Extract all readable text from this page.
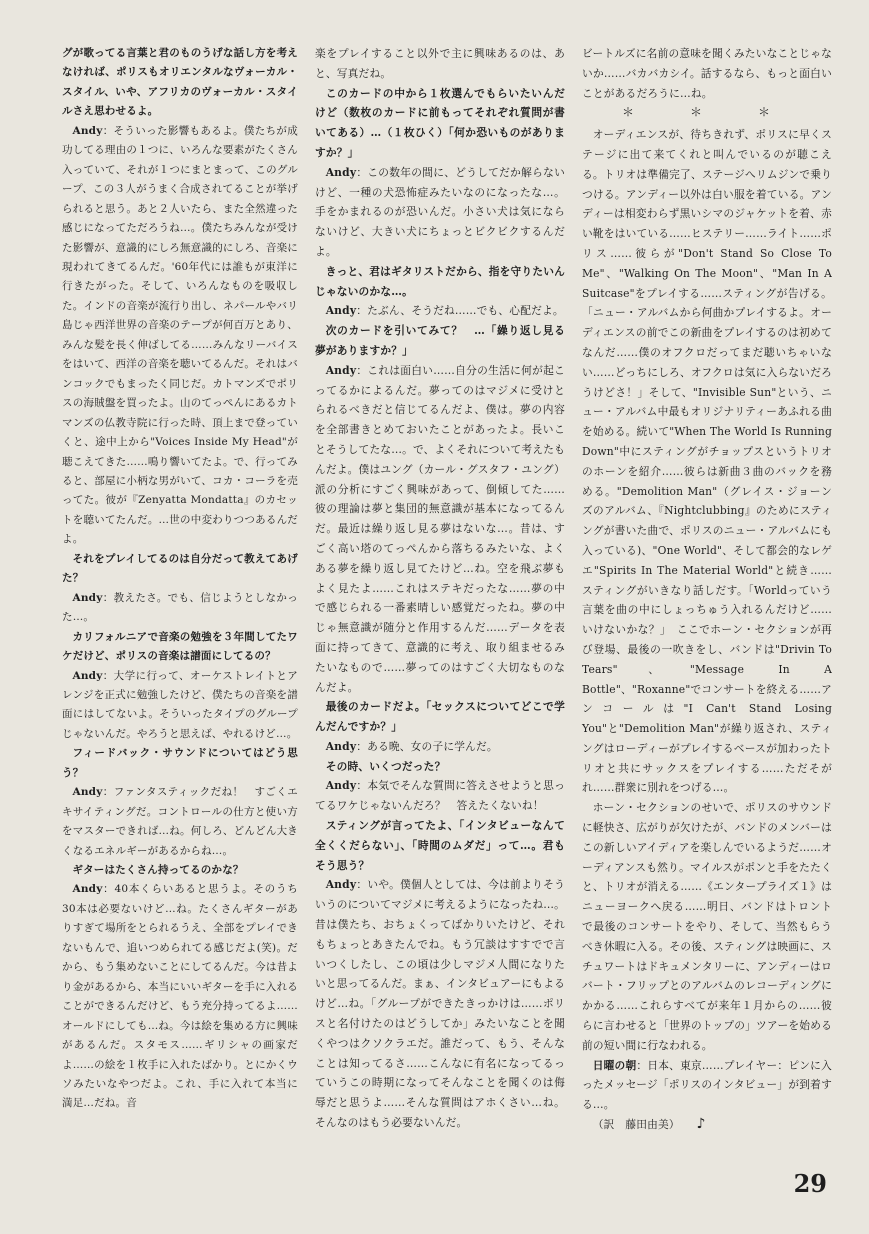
グが歌ってる言葉と君のものうげな話し方を考えなければ、ポリスもオリエンタルなヴォーカル・スタイル、いや、アフリカのヴォーカル・スタイルさえ思わせるよ。

Andy：そういった影響もあるよ。僕たちが成功してる理由の１つに、いろんな要素がたくさん入っていて、それが１つにまとまって、このグループ、この３人がうまく合成されてることが挙げられると思う。あと２人いたら、また全然違った感じになってただろうね…。僕たちみんなが受けた影響が、意識的にしろ無意識的にしろ、音楽に現われてきてるんだ。'60年代には誰もが東洋に行きたがった。そして、いろんなものを吸収した。インドの音楽が流行り出し、ネパールやバリ島じゃ西洋世界の音楽のテープが何百万とあり、みんな髪を長く伸ばしてる……みんなリーバイスをはいて、西洋の音楽を聴いてるんだ。それはバンコックでもまったく同じだ。カトマンズでポリスの海賊盤を買ったよ。山のてっぺんにあるカトマンズの仏教寺院に行った時、頂上まで登っていくと、途中上から"Voices Inside My Head"が聴こえてきた……鳴り響いてたよ。で、行ってみると、部屋に小柄な男がいて、コカ・コーラを売ってた。彼が『Zenyatta Mondatta』のカセットを聴いてたんだ。…世の中変わりつつあるんだよ。

それをプレイしてるのは自分だって教えてあげた？

Andy：教えたさ。でも、信じようとしなかった…。

カリフォルニアで音楽の勉強を３年間してたワケだけど、ポリスの音楽は譜面にしてるの？

Andy：大学に行って、オーケストレイトとアレンジを正式に勉強したけど、僕たちの音楽を譜面にはしてないよ。そういったタイプのグループじゃないんだ。やろうと思えば、やれるけど…。

フィードバック・サウンドについてはどう思う？

Andy：ファンタスティックだね！　すごくエキサイティングだ。コントロールの仕方と使い方をマスターできれば…ね。何しろ、どんどん大きくなるエネルギーがあるからね…。

ギターはたくさん持ってるのかな？

Andy：40本くらいあると思うよ。そのうち30本は必要ないけど…ね。たくさんギターがありすぎて場所をとられるうえ、全部をプレイできないもんで、追いつめられてる感じだよ(笑)。だから、もう集めないことにしてるんだ。今は昔より金があるから、本当にいいギターを手に入れることができるんだけど、もう充分持ってるよ……オールドにしても…ね。今は絵を集める方に興味があるんだ。スタモス……ギリシャの画家だよ……の絵を１枚手に入れたばかり。とにかくウソみたいなやつだよ。これ、手に入れて本当に満足…だね。音

楽をプレイすること以外で主に興味あるのは、あと、写真だね。

このカードの中から１枚選んでもらいたいんだけど（数枚のカードに前もってそれぞれ質問が書いてある）…（１枚ひく）「何か恐いものがありますか？」

Andy：この数年の間に、どうしてだか解らないけど、一種の犬恐怖症みたいなのになったな…。手をかまれるのが恐いんだ。小さい犬は気にならないけど、大きい犬にちょっとビクビクするんだよ。

きっと、君はギタリストだから、指を守りたいんじゃないのかな…。

Andy：たぶん、そうだね……でも、心配だよ。

次のカードを引いてみて？　…「繰り返し見る夢がありますか？」

Andy：これは面白い……自分の生活に何が起こってるかによるんだ。夢ってのはマジメに受けとられるべきだと信じてるんだよ、僕は。夢の内容を全部書きとめておいたことがあったよ。長いことそうしてたな…。で、よくそれについて考えたもんだよ。僕はユング（カール・グスタフ・ユング）派の分析にすごく興味があって、倒傾してた……彼の理論は夢と集団的無意識が基本になってるんだ。最近は繰り返し見る夢はないな…。昔は、すごく高い塔のてっぺんから落ちるみたいな、よくある夢を繰り返し見てたけど…ね。空を飛ぶ夢もよく見たよ……これはステキだったな……夢の中で感じられる一番素晴しい感覚だったね。夢の中じゃ無意識が随分と作用するんだ……データを表面に持ってきて、意識的に考え、取り組ませるみたいなもので……夢ってのはすごく大切なものなんだよ。

最後のカードだよ。「セックスについてどこで学んだんですか？」

Andy：ある晩、女の子に学んだ。

その時、いくつだった？

Andy：本気でそんな質問に答えさせようと思ってるワケじゃないんだろ？　答えたくないね！

スティングが言ってたよ、「インタビューなんて全くくだらない」、「時間のムダだ」って…。君もそう思う？

Andy：いや。僕個人としては、今は前よりそういうのについてマジメに考えるようになったね…。昔は僕たち、おちょくってばかりいたけど、それもちょっとあきたんでね。もう冗談はすすでで言いつくしたし、この頃は少しマジメ人間になりたいと思ってるんだ。まぁ、インタビュアーにもよるけど…ね。「グループができたきっかけは……ポリスと名付けたのはどうしてか」みたいなことを聞くやつはクソクラエだ。誰だって、もう、そんなことは知ってるさ……こんなに有名になってるっていうこの時期になってそんなことを聞くのは侮辱だと思うよ……そんな質問はアホくさい…ね。そんなのはもう必要ないんだ。

ビートルズに名前の意味を聞くみたいなことじゃないか……バカバカシイ。話するなら、もっと面白いことがあるだろうに…ね。

＊　＊　＊

オーディエンスが、待ちきれず、ポリスに早くステージに出て来てくれと叫んでいるのが聴こえる。トリオは準備完了、ステージへリムジンで乗りつける。アンディー以外は白い服を着ている。アンディーは相変わらず黒いシマのジャケットを着、赤い靴をはいている……ヒステリー……ライト……ポリス……彼らが"Don't Stand So Close To Me"、"Walking On The Moon"、"Man In A Suitcase"をプレイする……スティングが告げる。「ニュー・アルバムから何曲かプレイするよ。オーディエンスの前でこの新曲をプレイするのは初めてなんだ……僕のオフクロだってまだ聴いちゃいない……どっちにしろ、オフクロは気に入らないだろうけどさ！」そして、"Invisible Sun"という、ニュー・アルバム中最もオリジナリティーあふれる曲を始める。続いて"When The World Is Running Down"中にスティングがチョップスというトリオのホーンを紹介……彼らは新曲３曲のバックを務める。"Demolition Man"（グレイス・ジョーンズのアルバム、『Nightclubbing』のためにスティングが書いた曲で、ポリスのニュー・アルバムにも入っている)、"One World"、そして都会的なレゲエ"Spirits In The Material World"と続き……スティングがいきなり話しだす。「Worldっていう言葉を曲の中にしょっちゅう入れるんだけど……いけないかな？」　ここでホーン・セクションが再び登場、最後の一吹きをし、バンドは"Drivin To Tears"、"Message In A Bottle"、"Roxanne"でコンサートを終える……アンコールは"I Can't Stand Losing You"と"Demolition Man"が繰り返され、スティングはローディーがプレイするベースが加わったトリオと共にサックスをプレイする……ただそがれ……群衆に別れをつげる…。

ホーン・セクションのせいで、ポリスのサウンドに軽快さ、広がりが欠けたが、バンドのメンバーはこの新しいアイディアを楽しんでいるようだ……オーディアンスも然り。マイルスがポンと手をたたくと、トリオが消える……《エンタープライズ１》はニューヨークへ戻る……明日、バンドはトロントで最後のコンサートをやり、そして、当然もらうべき休暇に入る。その後、スティングは映画に、スチュワートはドキュメンタリーに、アンディーはロバート・フリップとのアルバムのレコーディングにかかる……これらすべてが来年１月からの……彼らに言わせると「世界のトップの」ツアーを始める前の短い間に行なわれる。

日曜の朝：日本、東京……プレイヤー：ピンに入ったメッセージ「ポリスのインタビュー」が到着する…。

（訳　藤田由美） ♪

29
